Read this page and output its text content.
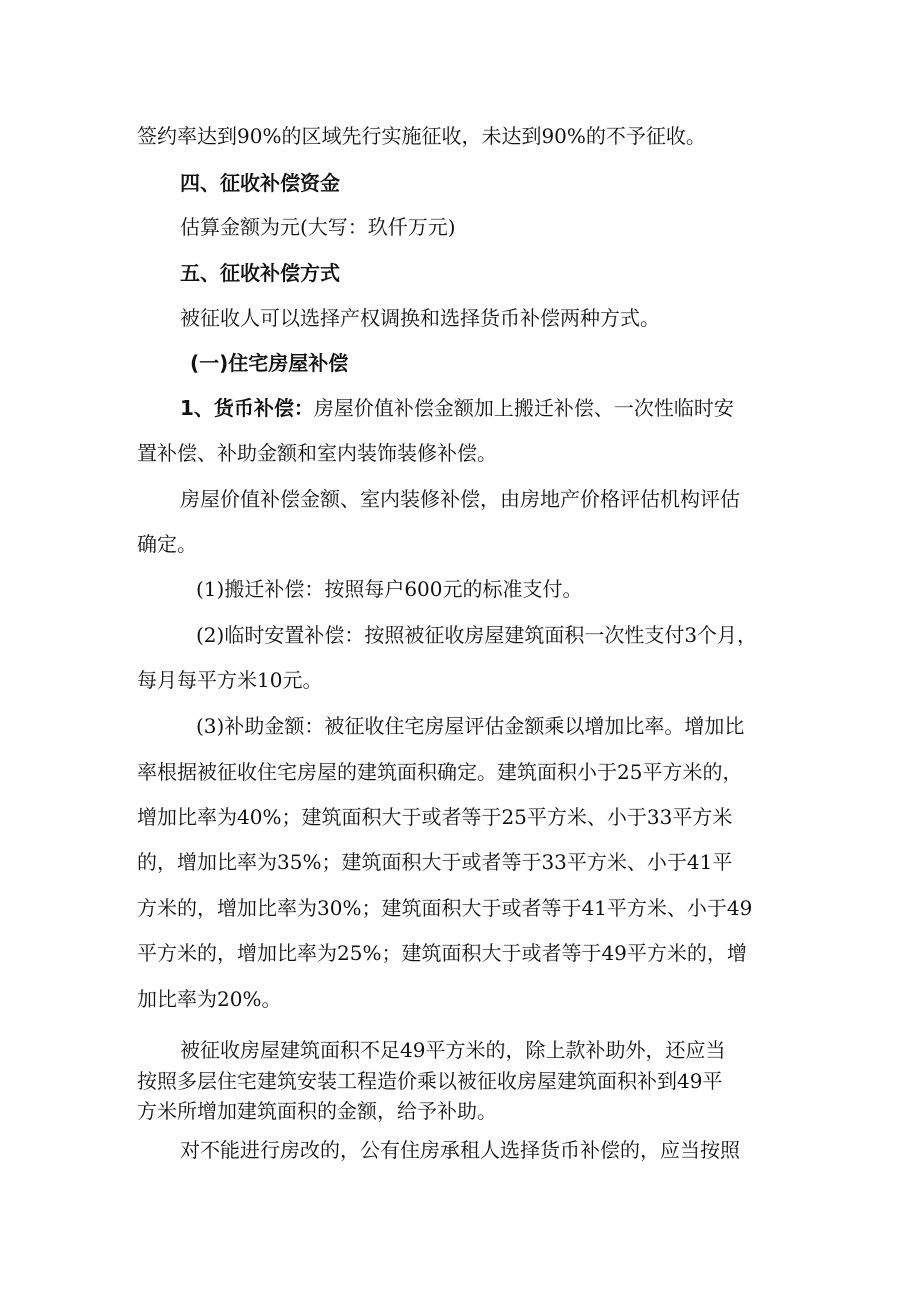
签约率达到90%的区域先行实施征收，未达到90%的不予征收。
四、征收补偿资金
估算金额为元(大写：玖仟万元)
五、征收补偿方式
被征收人可以选择产权调换和选择货币补偿两种方式。
(一)住宅房屋补偿
1、货币补偿：房屋价值补偿金额加上搬迁补偿、一次性临时安
置补偿、补助金额和室内装饰装修补偿。
房屋价值补偿金额、室内装修补偿，由房地产价格评估机构评估
确定。
(1)搬迁补偿：按照每户600元的标准支付。
(2)临时安置补偿：按照被征收房屋建筑面积一次性支付3个月，
每月每平方米10元。
(3)补助金额：被征收住宅房屋评估金额乘以增加比率。增加比
率根据被征收住宅房屋的建筑面积确定。建筑面积小于25平方米的，
增加比率为40%；建筑面积大于或者等于25平方米、小于33平方米
的，增加比率为35%；建筑面积大于或者等于33平方米、小于41平
方米的，增加比率为30%；建筑面积大于或者等于41平方米、小于49
平方米的，增加比率为25%；建筑面积大于或者等于49平方米的，增
加比率为20%。
被征收房屋建筑面积不足49平方米的，除上款补助外，还应当
按照多层住宅建筑安装工程造价乘以被征收房屋建筑面积补到49平
方米所增加建筑面积的金额，给予补助。
对不能进行房改的，公有住房承租人选择货币补偿的，应当按照
